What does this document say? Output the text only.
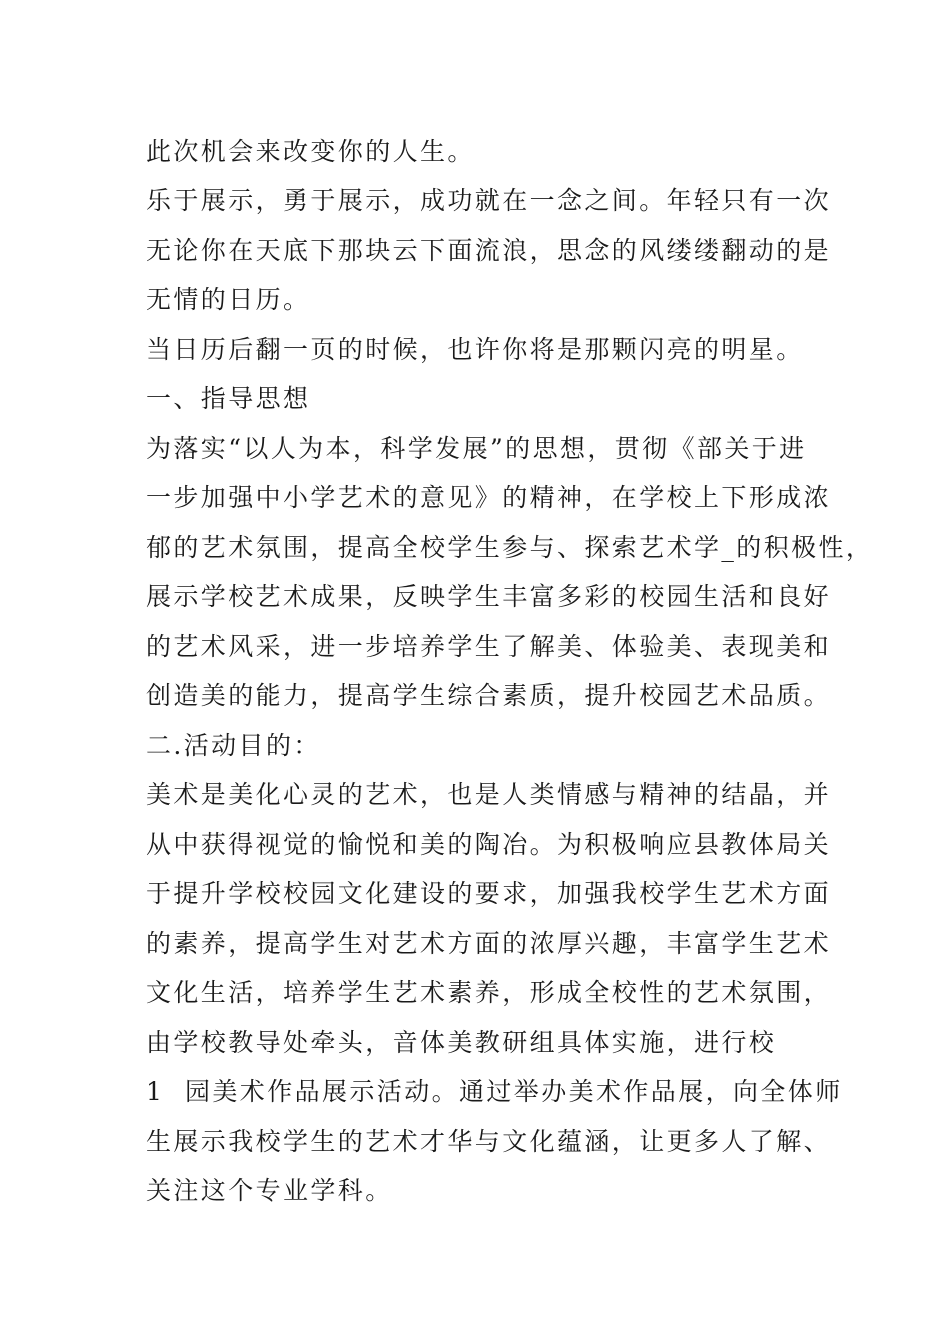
此次机会来改变你的人生。

乐于展示，勇于展示，成功就在一念之间。年轻只有一次

无论你在天底下那块云下面流浪，思念的风缕缕翻动的是

无情的日历。

当日历后翻一页的时候，也许你将是那颗闪亮的明星。

一、指导思想

为落实“以人为本，科学发展”的思想，贯彻《部关于进

一步加强中小学艺术的意见》的精神，在学校上下形成浓

郁的艺术氛围，提高全校学生参与、探索艺术学_的积极性，

展示学校艺术成果，反映学生丰富多彩的校园生活和良好

的艺术风采，进一步培养学生了解美、体验美、表现美和

创造美的能力，提高学生综合素质，提升校园艺术品质。

二.活动目的：

美术是美化心灵的艺术，也是人类情感与精神的结晶，并

从中获得视觉的愉悦和美的陶冶。为积极响应县教体局关

于提升学校校园文化建设的要求，加强我校学生艺术方面

的素养，提高学生对艺术方面的浓厚兴趣，丰富学生艺术

文化生活，培养学生艺术素养，形成全校性的艺术氛围，

由学校教导处牵头，音体美教研组具体实施，进行校

1  园美术作品展示活动。通过举办美术作品展，向全体师

生展示我校学生的艺术才华与文化蕴涵，让更多人了解、

关注这个专业学科。
